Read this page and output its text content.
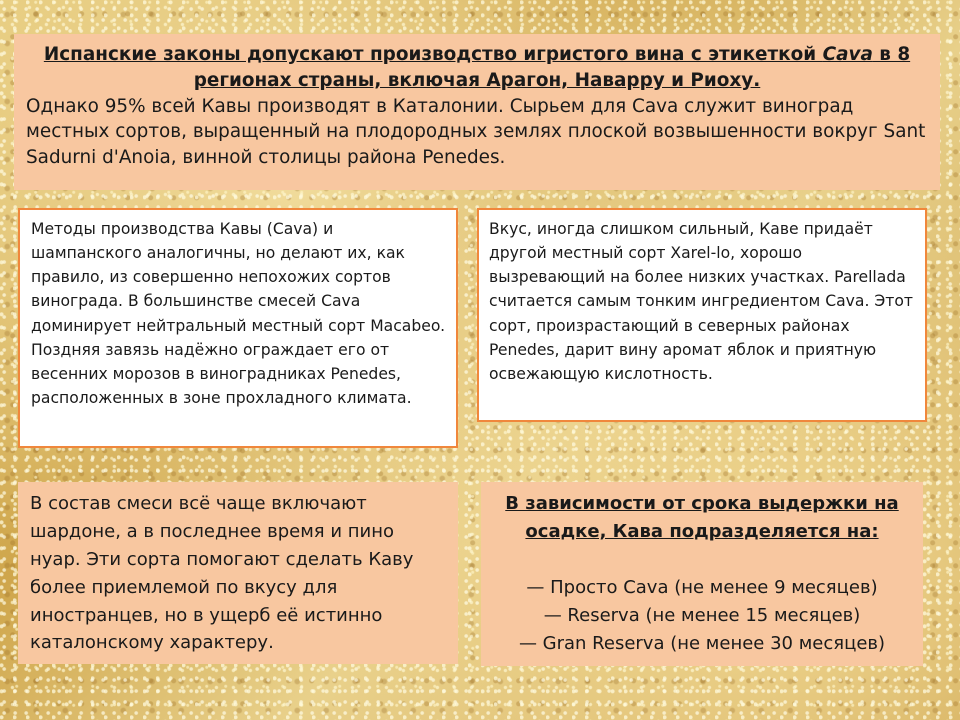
Испанские законы допускают производство игристого вина с этикеткой Cava в 8 регионах страны, включая Арагон, Наварру и Риоху.

Однако 95% всей Кавы производят в Каталонии. Сырьем для Cava служит виноград местных сортов, выращенный на плодородных землях плоской возвышенности вокруг Sant Sadurni d'Anoia, винной столицы района Penedes.

Методы производства Кавы (Cava) и шампанского аналогичны, но делают их, как правило, из совершенно непохожих сортов винограда. В большинстве смесей Cava доминирует нейтральный местный сорт Macabeo. Поздняя завязь надёжно ограждает его от весенних морозов в виноградниках Penedes, расположенных в зоне прохладного климата.

Вкус, иногда слишком сильный, Каве придаёт другой местный сорт Xarel-lo, хорошо вызревающий на более низких участках. Parellada считается самым тонким ингредиентом Cava. Этот сорт, произрастающий в северных районах Penedes, дарит вину аромат яблок и приятную освежающую кислотность.

В состав смеси всё чаще включают шардоне, а в последнее время и пино нуар. Эти сорта помогают сделать Каву более приемлемой по вкусу для иностранцев, но в ущерб её истинно каталонскому характеру.

В зависимости от срока выдержки на осадке, Кава подразделяется на:

— Просто Cava (не менее 9 месяцев)

— Reserva (не менее 15 месяцев)

— Gran Reserva (не менее 30 месяцев)
